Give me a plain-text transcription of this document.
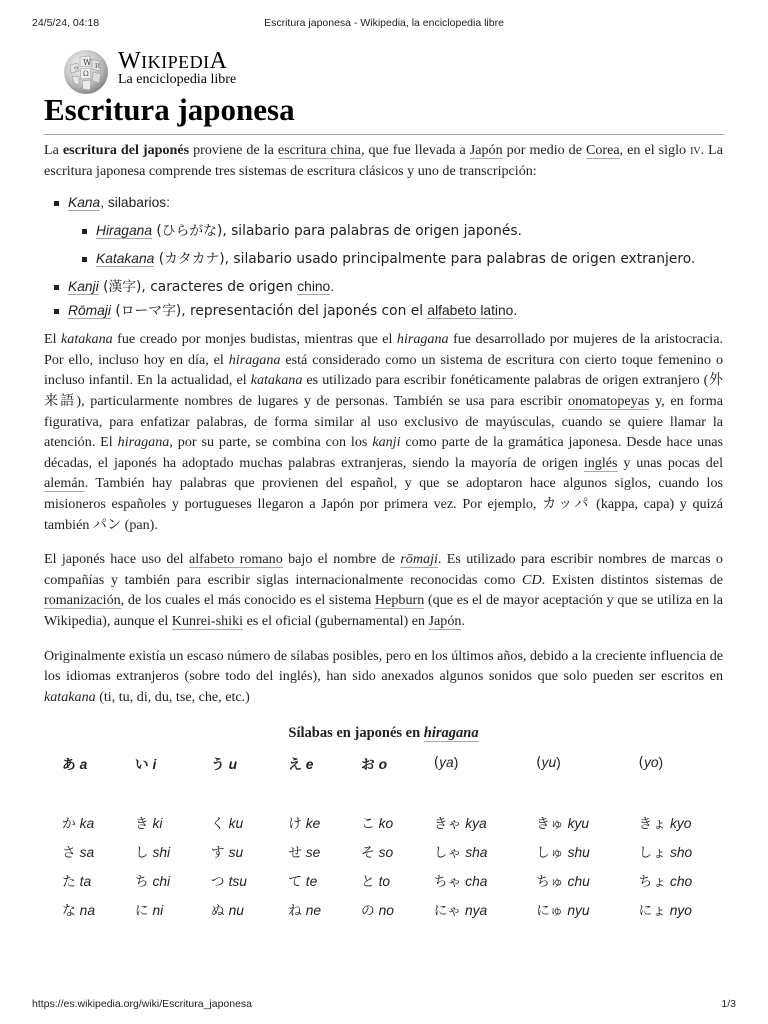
24/5/24, 04:18	Escritura japonesa - Wikipedia, la enciclopedia libre
W И
Ω
ウ WIKIPEDIA
La enciclopedia libre
Escritura japonesa

La escritura del japonés proviene de la escritura china, que fue llevada a Japón por medio de Corea, en el siglo iv. La escritura japonesa comprende tres sistemas de escritura clásicos y uno de transcripción:

Kana, silabarios:
Hiragana (ひらがな), silabario para palabras de origen japonés.
Katakana (カタカナ), silabario usado principalmente para palabras de origen extranjero.
Kanji (漢字), caracteres de origen chino.
Rōmaji (ローマ字), representación del japonés con el alfabeto latino.

El katakana fue creado por monjes budistas, mientras que el hiragana fue desarrollado por mujeres de la aristocracia. Por ello, incluso hoy en día, el hiragana está considerado como un sistema de escritura con cierto toque femenino o incluso infantil. En la actualidad, el katakana es utilizado para escribir fonéticamente palabras de origen extranjero (外来語), particularmente nombres de lugares y de personas. También se usa para escribir onomatopeyas y, en forma figurativa, para enfatizar palabras, de forma similar al uso exclusivo de mayúsculas, cuando se quiere llamar la atención. El hiragana, por su parte, se combina con los kanji como parte de la gramática japonesa. Desde hace unas décadas, el japonés ha adoptado muchas palabras extranjeras, siendo la mayoría de origen inglés y unas pocas del alemán. También hay palabras que provienen del español, y que se adoptaron hace algunos siglos, cuando los misioneros españoles y portugueses llegaron a Japón por primera vez. Por ejemplo, カッパ (kappa, capa) y quizá también パン (pan).

El japonés hace uso del alfabeto romano bajo el nombre de rōmaji. Es utilizado para escribir nombres de marcas o compañías y también para escribir siglas internacionalmente reconocidas como CD. Existen distintos sistemas de romanización, de los cuales el más conocido es el sistema Hepburn (que es el de mayor aceptación y que se utiliza en la Wikipedia), aunque el Kunrei-shiki es el oficial (gubernamental) en Japón.

Originalmente existía un escaso número de sílabas posibles, pero en los últimos años, debido a la creciente influencia de los idiomas extranjeros (sobre todo del inglés), han sido anexados algunos sonidos que solo pueden ser escritos en katakana (ti, tu, di, du, tse, che, etc.)

Sílabas en japonés en hiragana
あ a	い i	う u	え e	お o	(ya)	(yu)	(yo)

か ka	き ki	く ku	け ke	こ ko	きゃ kya	きゅ kyu	きょ kyo
さ sa	し shi	す su	せ se	そ so	しゃ sha	しゅ shu	しょ sho
た ta	ち chi	つ tsu	て te	と to	ちゃ cha	ちゅ chu	ちょ cho
な na	に ni	ぬ nu	ね ne	の no	にゃ nya	にゅ nyu	にょ nyo
https://es.wikipedia.org/wiki/Escritura_japonesa	1/3
